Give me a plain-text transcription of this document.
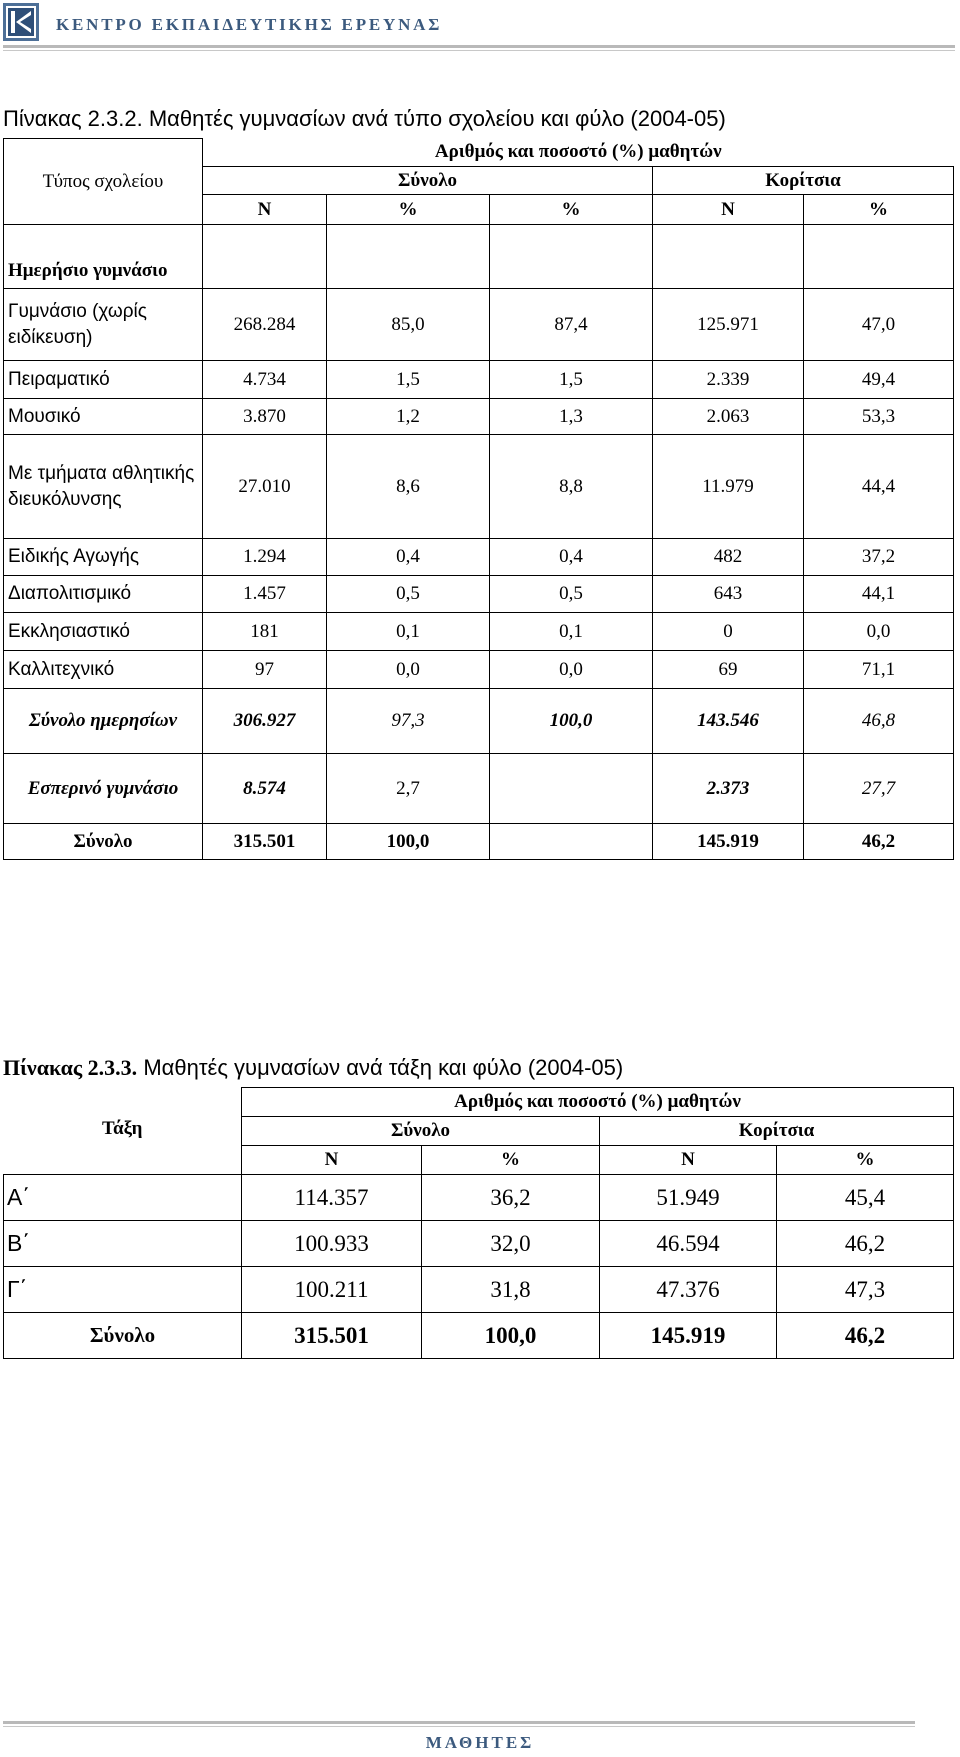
ΚΕΝΤΡΟ ΕΚΠΑΙΔΕΥΤΙΚΗΣ ΕΡΕΥΝΑΣ
Πίνακας 2.3.2. Μαθητές γυμνασίων ανά τύπο σχολείου και φύλο (2004-05)
Τύπος σχολείου	Αριθμός και ποσοστό (%) μαθητών				
	Σύνολο			Κορίτσια	
	N	%	%	N	%
Ημερήσιο γυμνάσιο					
Γυμνάσιο (χωρίς ειδίκευση)	268.284	85,0	87,4	125.971	47,0
Πειραματικό	4.734	1,5	1,5	2.339	49,4
Μουσικό	3.870	1,2	1,3	2.063	53,3
Με τμήματα αθλητικής διευκόλυνσης	27.010	8,6	8,8	11.979	44,4
Ειδικής Αγωγής	1.294	0,4	0,4	482	37,2
Διαπολιτισμικό	1.457	0,5	0,5	643	44,1
Εκκλησιαστικό	181	0,1	0,1	0	0,0
Καλλιτεχνικό	97	0,0	0,0	69	71,1
Σύνολο ημερησίων	306.927	97,3	100,0	143.546	46,8
Εσπερινό γυμνάσιο	8.574	2,7		2.373	27,7
Σύνολο	315.501	100,0		145.919	46,2
Πίνακας 2.3.3. Μαθητές γυμνασίων ανά τάξη και φύλο (2004-05)
Τάξη	Αριθμός και ποσοστό (%) μαθητών			
	Σύνολο		Κορίτσια	
	N	%	N	%
Α΄	114.357	36,2	51.949	45,4
Β΄	100.933	32,0	46.594	46,2
Γ΄	100.211	31,8	47.376	47,3
Σύνολο	315.501	100,0	145.919	46,2
ΜΑΘΗΤΕΣ
